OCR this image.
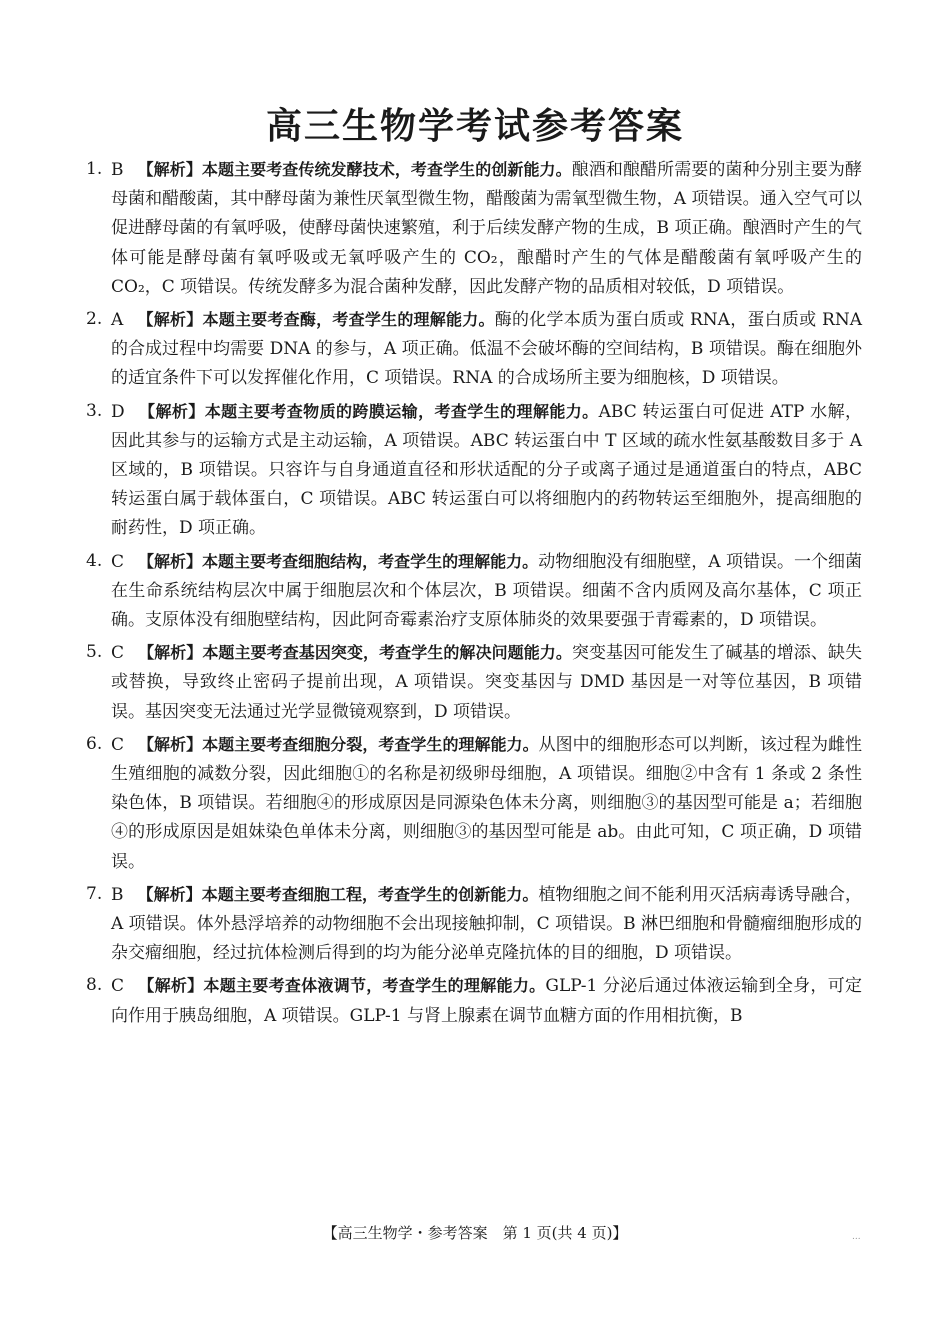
高三生物学考试参考答案
1. B 【解析】本题主要考查传统发酵技术，考查学生的创新能力。酿酒和酿醋所需要的菌种分别主要为酵母菌和醋酸菌，其中酵母菌为兼性厌氧型微生物，醋酸菌为需氧型微生物，A 项错误。通入空气可以促进酵母菌的有氧呼吸，使酵母菌快速繁殖，利于后续发酵产物的生成，B 项正确。酿酒时产生的气体可能是酵母菌有氧呼吸或无氧呼吸产生的 CO₂，酿醋时产生的气体是醋酸菌有氧呼吸产生的 CO₂，C 项错误。传统发酵多为混合菌种发酵，因此发酵产物的品质相对较低，D 项错误。
2. A 【解析】本题主要考查酶，考查学生的理解能力。酶的化学本质为蛋白质或 RNA，蛋白质或 RNA 的合成过程中均需要 DNA 的参与，A 项正确。低温不会破坏酶的空间结构，B 项错误。酶在细胞外的适宜条件下可以发挥催化作用，C 项错误。RNA 的合成场所主要为细胞核，D 项错误。
3. D 【解析】本题主要考查物质的跨膜运输，考查学生的理解能力。ABC 转运蛋白可促进 ATP 水解，因此其参与的运输方式是主动运输，A 项错误。ABC 转运蛋白中 T 区域的疏水性氨基酸数目多于 A 区域的，B 项错误。只容许与自身通道直径和形状适配的分子或离子通过是通道蛋白的特点，ABC 转运蛋白属于载体蛋白，C 项错误。ABC 转运蛋白可以将细胞内的药物转运至细胞外，提高细胞的耐药性，D 项正确。
4. C 【解析】本题主要考查细胞结构，考查学生的理解能力。动物细胞没有细胞壁，A 项错误。一个细菌在生命系统结构层次中属于细胞层次和个体层次，B 项错误。细菌不含内质网及高尔基体，C 项正确。支原体没有细胞壁结构，因此阿奇霉素治疗支原体肺炎的效果要强于青霉素的，D 项错误。
5. C 【解析】本题主要考查基因突变，考查学生的解决问题能力。突变基因可能发生了碱基的增添、缺失或替换，导致终止密码子提前出现，A 项错误。突变基因与 DMD 基因是一对等位基因，B 项错误。基因突变无法通过光学显微镜观察到，D 项错误。
6. C 【解析】本题主要考查细胞分裂，考查学生的理解能力。从图中的细胞形态可以判断，该过程为雌性生殖细胞的减数分裂，因此细胞①的名称是初级卵母细胞，A 项错误。细胞②中含有 1 条或 2 条性染色体，B 项错误。若细胞④的形成原因是同源染色体未分离，则细胞③的基因型可能是 a；若细胞④的形成原因是姐妹染色单体未分离，则细胞③的基因型可能是 ab。由此可知，C 项正确，D 项错误。
7. B 【解析】本题主要考查细胞工程，考查学生的创新能力。植物细胞之间不能利用灭活病毒诱导融合，A 项错误。体外悬浮培养的动物细胞不会出现接触抑制，C 项错误。B 淋巴细胞和骨髓瘤细胞形成的杂交瘤细胞，经过抗体检测后得到的均为能分泌单克隆抗体的目的细胞，D 项错误。
8. C 【解析】本题主要考查体液调节，考查学生的理解能力。GLP-1 分泌后通过体液运输到全身，可定向作用于胰岛细胞，A 项错误。GLP-1 与肾上腺素在调节血糖方面的作用相抗衡，B
【高三生物学・参考答案　第 1 页(共 4 页)】	...
